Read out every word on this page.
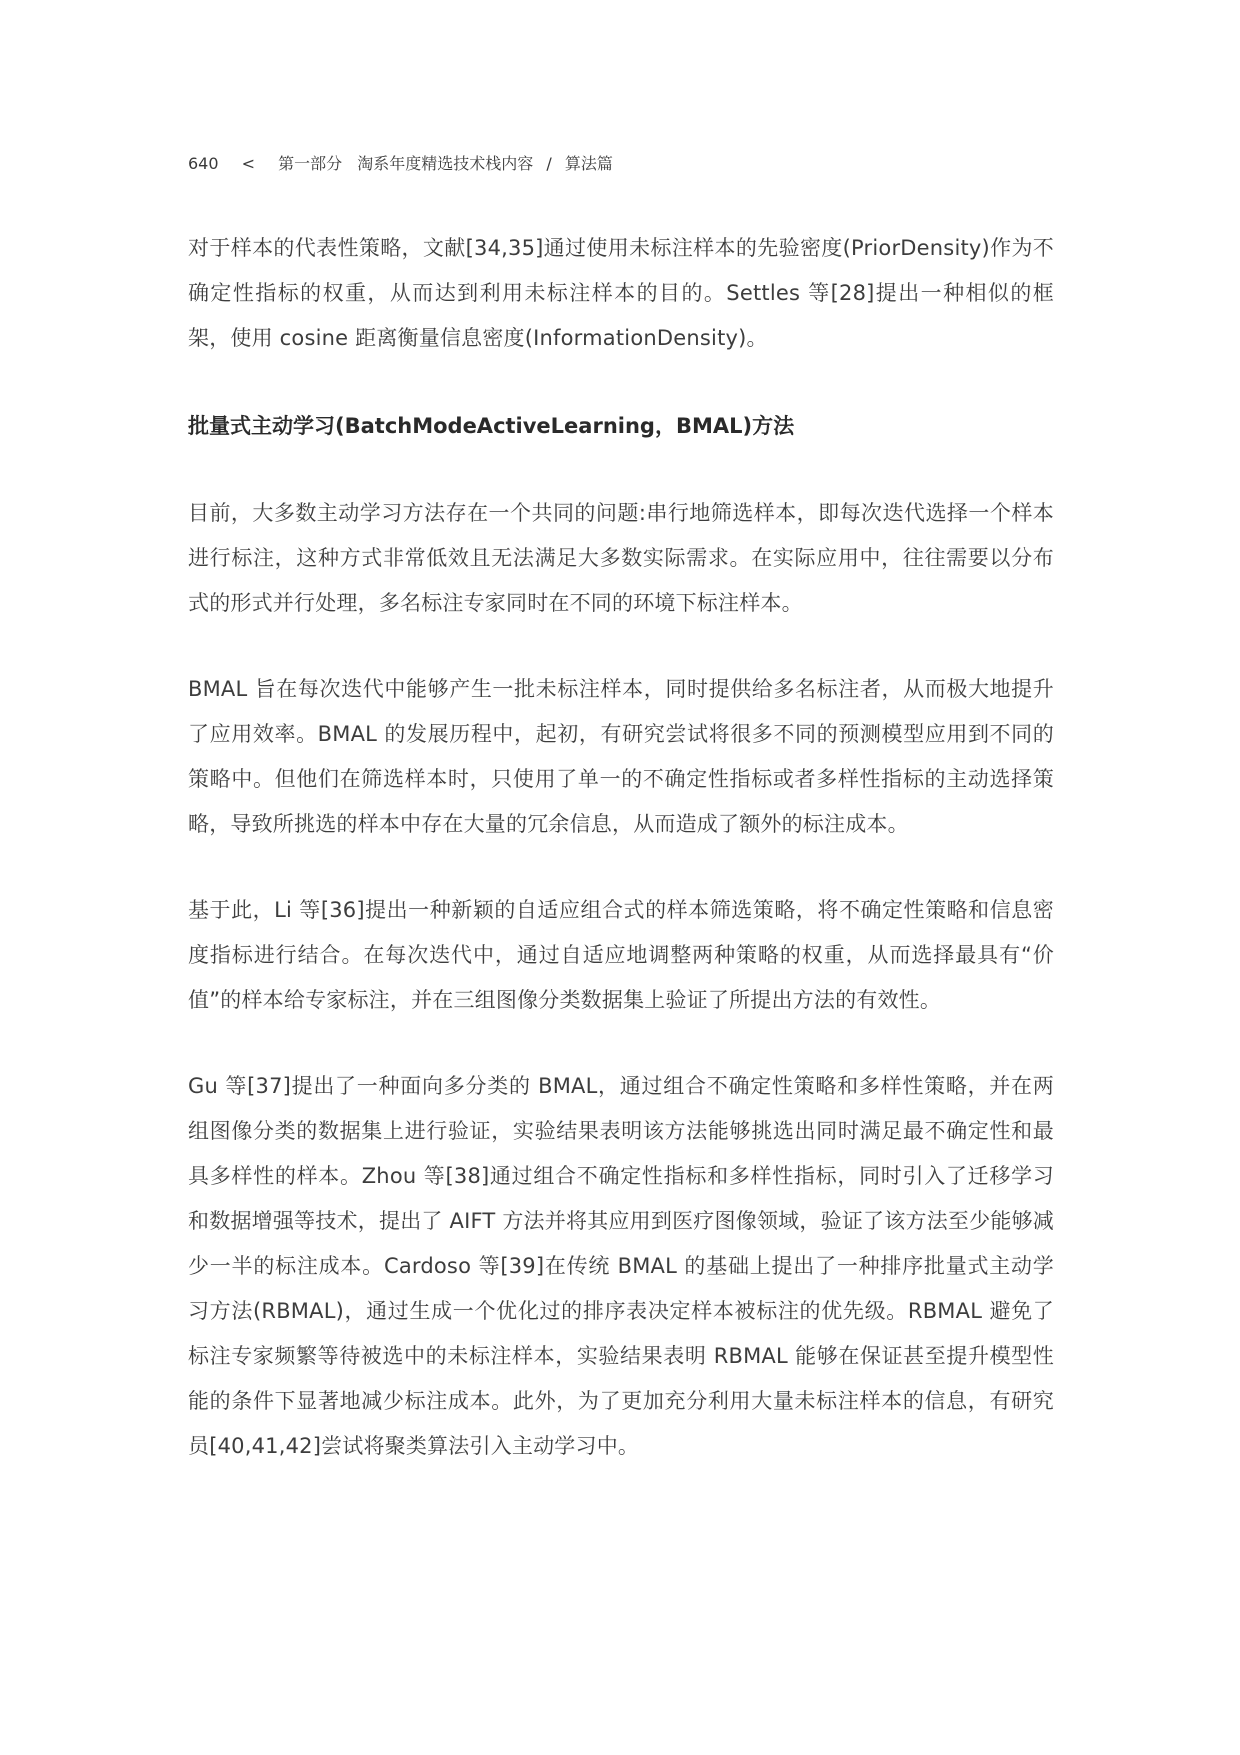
640 < 第一部分 淘系年度精选技术栈内容 / 算法篇

对于样本的代表性策略，文献[34,35]通过使用未标注样本的先验密度(PriorDensity)作为不确定性指标的权重，从而达到利用未标注样本的目的。Settles 等[28]提出一种相似的框架，使用 cosine 距离衡量信息密度(InformationDensity)。

批量式主动学习(BatchModeActiveLearning，BMAL)方法

目前，大多数主动学习方法存在一个共同的问题:串行地筛选样本，即每次迭代选择一个样本进行标注，这种方式非常低效且无法满足大多数实际需求。在实际应用中，往往需要以分布式的形式并行处理，多名标注专家同时在不同的环境下标注样本。

BMAL 旨在每次迭代中能够产生一批未标注样本，同时提供给多名标注者，从而极大地提升了应用效率。BMAL 的发展历程中，起初，有研究尝试将很多不同的预测模型应用到不同的策略中。但他们在筛选样本时，只使用了单一的不确定性指标或者多样性指标的主动选择策略，导致所挑选的样本中存在大量的冗余信息，从而造成了额外的标注成本。

基于此，Li 等[36]提出一种新颖的自适应组合式的样本筛选策略，将不确定性策略和信息密度指标进行结合。在每次迭代中，通过自适应地调整两种策略的权重，从而选择最具有“价值”的样本给专家标注，并在三组图像分类数据集上验证了所提出方法的有效性。

Gu 等[37]提出了一种面向多分类的 BMAL，通过组合不确定性策略和多样性策略，并在两组图像分类的数据集上进行验证，实验结果表明该方法能够挑选出同时满足最不确定性和最具多样性的样本。Zhou 等[38]通过组合不确定性指标和多样性指标，同时引入了迁移学习和数据增强等技术，提出了 AIFT 方法并将其应用到医疗图像领域，验证了该方法至少能够减少一半的标注成本。Cardoso 等[39]在传统 BMAL 的基础上提出了一种排序批量式主动学习方法(RBMAL)，通过生成一个优化过的排序表决定样本被标注的优先级。RBMAL 避免了标注专家频繁等待被选中的未标注样本，实验结果表明 RBMAL 能够在保证甚至提升模型性能的条件下显著地减少标注成本。此外，为了更加充分利用大量未标注样本的信息，有研究员[40,41,42]尝试将聚类算法引入主动学习中。
